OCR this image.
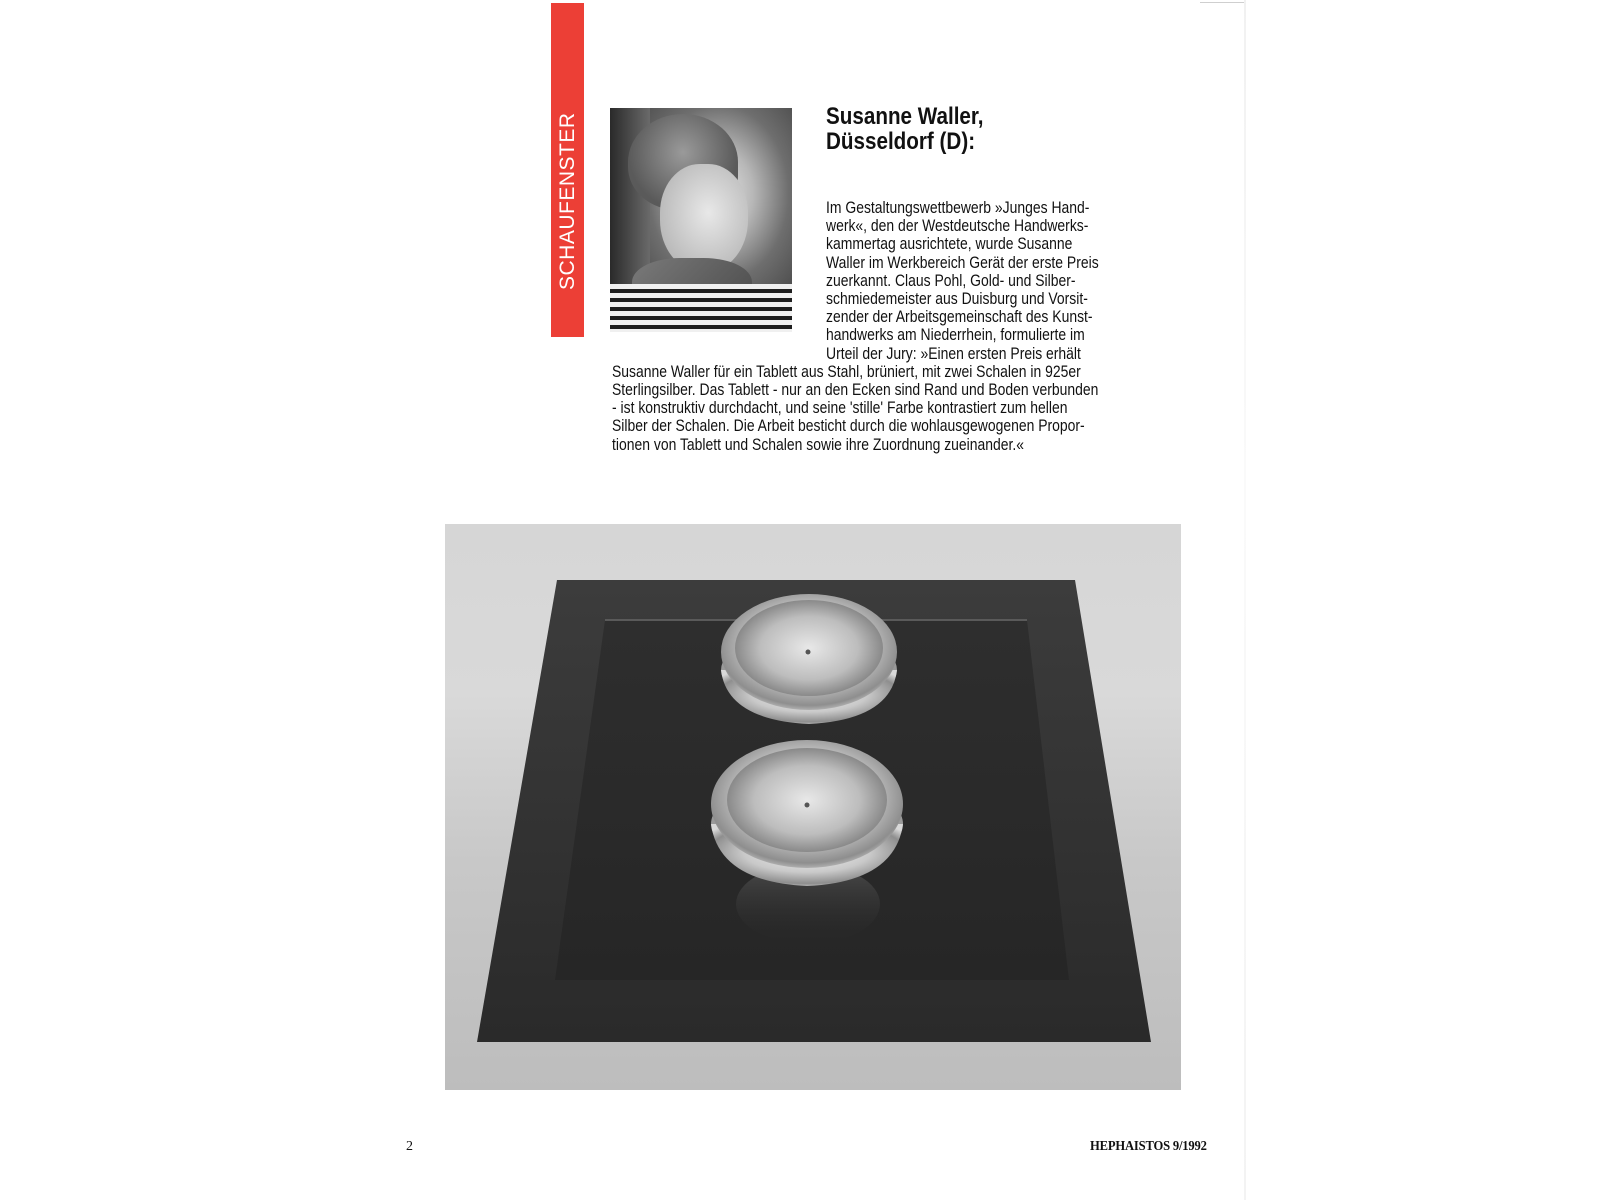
SCHAUFENSTER	Susanne Waller,
Düsseldorf (D):
Im Gestaltungswettbewerb »Junges Hand-
werk«, den der Westdeutsche Handwerks-
kammertag ausrichtete, wurde Susanne
Waller im Werkbereich Gerät der erste Preis
zuerkannt. Claus Pohl, Gold- und Silber-
schmiedemeister aus Duisburg und Vorsit-
zender der Arbeitsgemeinschaft des Kunst-
handwerks am Niederrhein, formulierte im
Urteil der Jury: »Einen ersten Preis erhält
Susanne Waller für ein Tablett aus Stahl, brüniert, mit zwei Schalen in 925er
Sterlingsilber. Das Tablett - nur an den Ecken sind Rand und Boden verbunden
- ist konstruktiv durchdacht, und seine 'stille' Farbe kontrastiert zum hellen
Silber der Schalen. Die Arbeit besticht durch die wohlausgewogenen Propor-
tionen von Tablett und Schalen sowie ihre Zuordnung zueinander.«
2	HEPHAISTOS 9/1992
